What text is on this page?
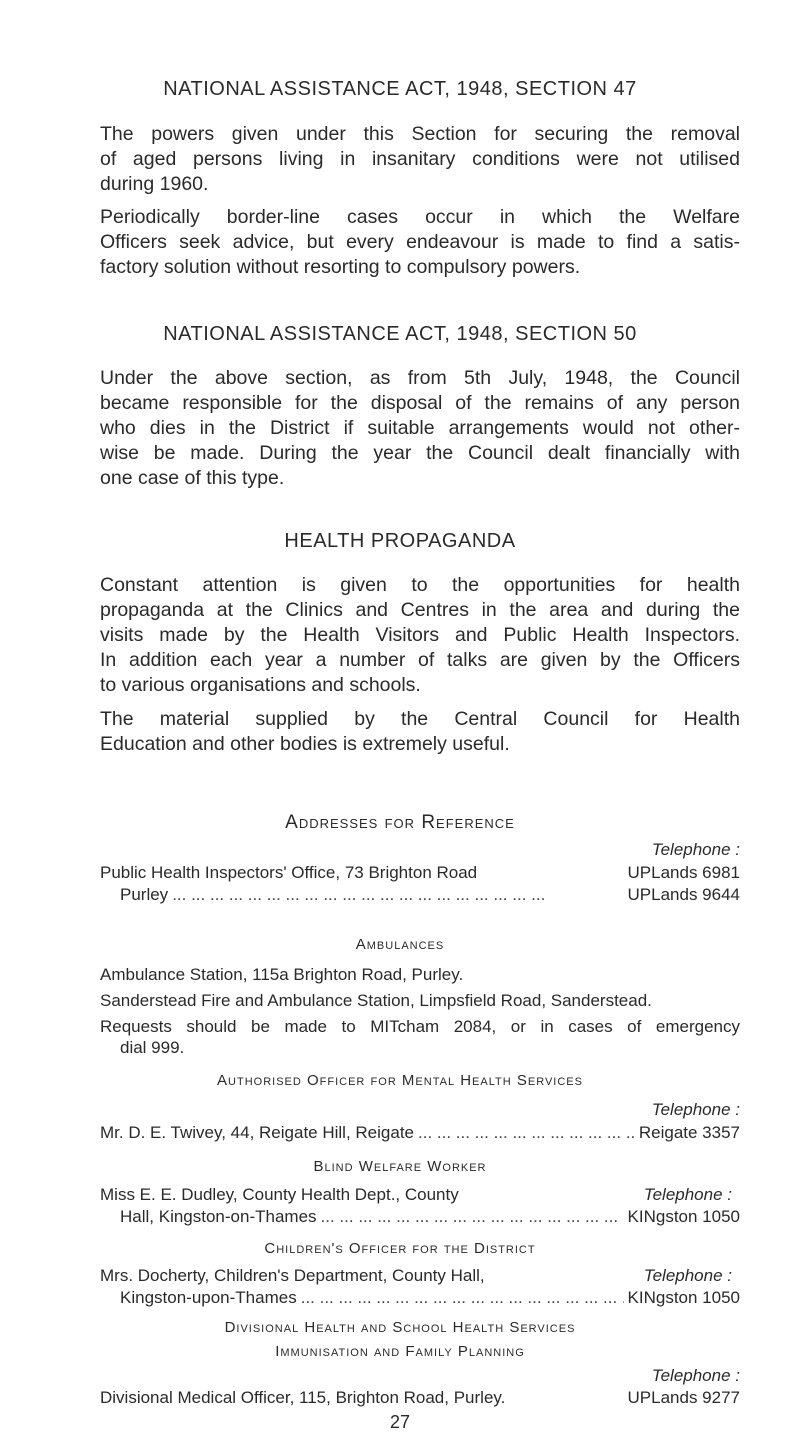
NATIONAL ASSISTANCE ACT, 1948, SECTION 47

The powers given under this Section for securing the removal
of aged persons living in insanitary conditions were not utilised
during 1960.

Periodically border-line cases occur in which the Welfare
Officers seek advice, but every endeavour is made to find a satis-
factory solution without resorting to compulsory powers.

NATIONAL ASSISTANCE ACT, 1948, SECTION 50

Under the above section, as from 5th July, 1948, the Council
became responsible for the disposal of the remains of any person
who dies in the District if suitable arrangements would not other-
wise be made. During the year the Council dealt financially with
one case of this type.

HEALTH PROPAGANDA

Constant attention is given to the opportunities for health
propaganda at the Clinics and Centres in the area and during the
visits made by the Health Visitors and Public Health Inspectors.
In addition each year a number of talks are given by the Officers
to various organisations and schools.

The material supplied by the Central Council for Health
Education and other bodies is extremely useful.

Addresses for Reference
Telephone :
Public Health Inspectors' Office, 73 Brighton Road	UPLands 6981
Purley ... .	UPLands 9644
Ambulances
Ambulance Station, 115a Brighton Road, Purley.
Sanderstead Fire and Ambulance Station, Limpsfield Road, Sanderstead.
Requests should be made to MITcham 2084, or in cases of emergency
dial 999.
Authorised Officer for Mental Health Services
Telephone :
Mr. D. E. Twivey, 44, Reigate Hill, Reigate ... .	Reigate 3357
Blind Welfare Worker
Miss E. E. Dudley, County Health Dept., County	Telephone :
Hall, Kingston-on-Thames ... .	KINgston 1050
Children's Officer for the District
Mrs. Docherty, Children's Department, County Hall,	Telephone :
Kingston-upon-Thames ... .	KINgston 1050
Divisional Health and School Health Services
Immunisation and Family Planning
Telephone :
Divisional Medical Officer, 115, Brighton Road, Purley.	UPLands 9277
27
